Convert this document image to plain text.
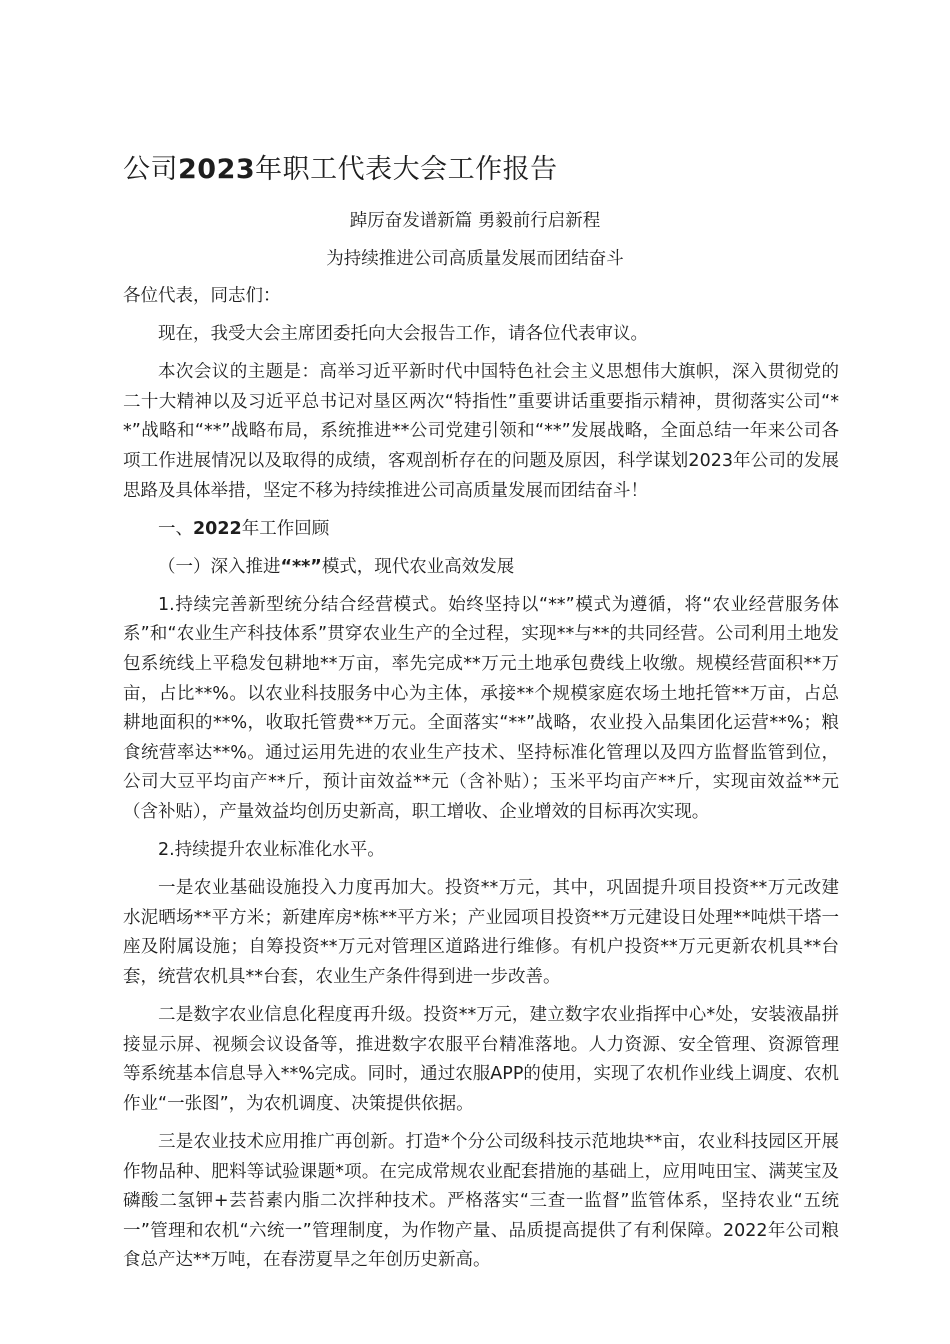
公司2023年职工代表大会工作报告

踔厉奋发谱新篇 勇毅前行启新程

为持续推进公司高质量发展而团结奋斗

各位代表，同志们：

现在，我受大会主席团委托向大会报告工作，请各位代表审议。

本次会议的主题是：高举习近平新时代中国特色社会主义思想伟大旗帜，深入贯彻党的二十大精神以及习近平总书记对垦区两次“特指性”重要讲话重要指示精神，贯彻落实公司“**”战略和“**”战略布局，系统推进**公司党建引领和“**”发展战略，全面总结一年来公司各项工作进展情况以及取得的成绩，客观剖析存在的问题及原因，科学谋划2023年公司的发展思路及具体举措，坚定不移为持续推进公司高质量发展而团结奋斗！

一、2022年工作回顾

（一）深入推进“**”模式，现代农业高效发展

1.持续完善新型统分结合经营模式。始终坚持以“**”模式为遵循，将“农业经营服务体系”和“农业生产科技体系”贯穿农业生产的全过程，实现**与**的共同经营。公司利用土地发包系统线上平稳发包耕地**万亩，率先完成**万元土地承包费线上收缴。规模经营面积**万亩，占比**%。以农业科技服务中心为主体，承接**个规模家庭农场土地托管**万亩，占总耕地面积的**%，收取托管费**万元。全面落实“**”战略，农业投入品集团化运营**%；粮食统营率达**%。通过运用先进的农业生产技术、坚持标准化管理以及四方监督监管到位，公司大豆平均亩产**斤，预计亩效益**元（含补贴）；玉米平均亩产**斤，实现亩效益**元（含补贴），产量效益均创历史新高，职工增收、企业增效的目标再次实现。

2.持续提升农业标准化水平。

一是农业基础设施投入力度再加大。投资**万元，其中，巩固提升项目投资**万元改建水泥晒场**平方米；新建库房*栋**平方米；产业园项目投资**万元建设日处理**吨烘干塔一座及附属设施；自筹投资**万元对管理区道路进行维修。有机户投资**万元更新农机具**台套，统营农机具**台套，农业生产条件得到进一步改善。

二是数字农业信息化程度再升级。投资**万元，建立数字农业指挥中心*处，安装液晶拼接显示屏、视频会议设备等，推进数字农服平台精准落地。人力资源、安全管理、资源管理等系统基本信息导入**%完成。同时，通过农服APP的使用，实现了农机作业线上调度、农机作业“一张图”，为农机调度、决策提供依据。

三是农业技术应用推广再创新。打造*个分公司级科技示范地块**亩，农业科技园区开展作物品种、肥料等试验课题*项。在完成常规农业配套措施的基础上，应用吨田宝、满荚宝及磷酸二氢钾+芸苔素内脂二次拌种技术。严格落实“三查一监督”监管体系，坚持农业“五统一”管理和农机“六统一”管理制度，为作物产量、品质提高提供了有利保障。2022年公司粮食总产达**万吨，在春涝夏旱之年创历史新高。
